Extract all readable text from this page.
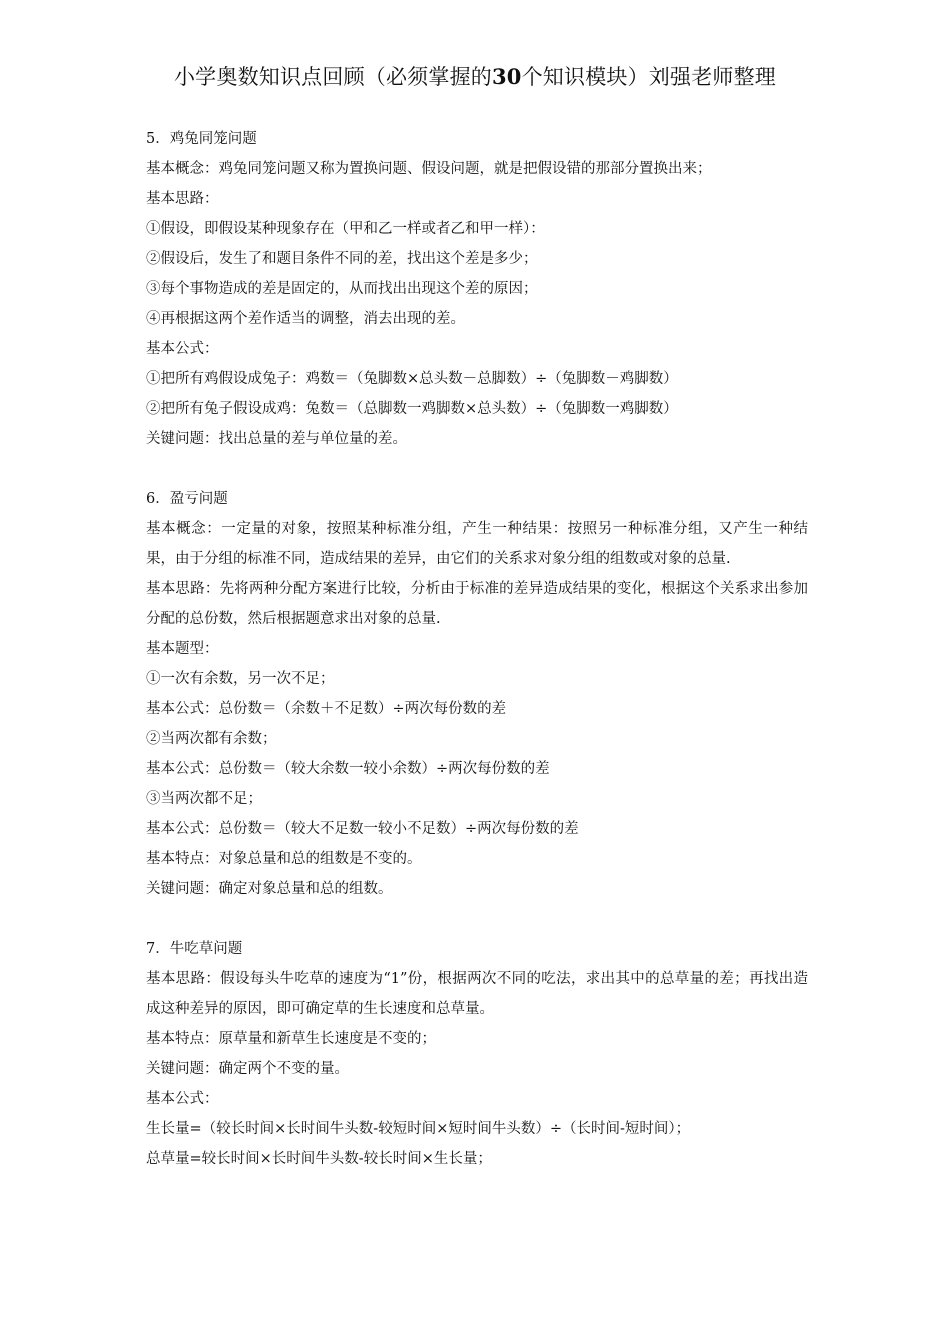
小学奥数知识点回顾（必须掌握的30个知识模块）刘强老师整理
5．鸡兔同笼问题
基本概念：鸡兔同笼问题又称为置换问题、假设问题，就是把假设错的那部分置换出来；
基本思路：
①假设，即假设某种现象存在（甲和乙一样或者乙和甲一样）：
②假设后，发生了和题目条件不同的差，找出这个差是多少；
③每个事物造成的差是固定的，从而找出出现这个差的原因；
④再根据这两个差作适当的调整，消去出现的差。
基本公式：
①把所有鸡假设成兔子：鸡数＝（兔脚数×总头数－总脚数）÷（兔脚数－鸡脚数）
②把所有兔子假设成鸡：兔数＝（总脚数一鸡脚数×总头数）÷（兔脚数一鸡脚数）
关键问题：找出总量的差与单位量的差。
6．盈亏问题
基本概念：一定量的对象，按照某种标准分组，产生一种结果：按照另一种标准分组，又产生一种结果，由于分组的标准不同，造成结果的差异，由它们的关系求对象分组的组数或对象的总量.
基本思路：先将两种分配方案进行比较，分析由于标准的差异造成结果的变化，根据这个关系求出参加分配的总份数，然后根据题意求出对象的总量.
基本题型：
①一次有余数，另一次不足；
基本公式：总份数＝（余数＋不足数）÷两次每份数的差
②当两次都有余数；
基本公式：总份数＝（较大余数一较小余数）÷两次每份数的差
③当两次都不足；
基本公式：总份数＝（较大不足数一较小不足数）÷两次每份数的差
基本特点：对象总量和总的组数是不变的。
关键问题：确定对象总量和总的组数。
7．牛吃草问题
基本思路：假设每头牛吃草的速度为“1”份，根据两次不同的吃法，求出其中的总草量的差；再找出造成这种差异的原因，即可确定草的生长速度和总草量。
基本特点：原草量和新草生长速度是不变的；
关键问题：确定两个不变的量。
基本公式：
生长量=（较长时间×长时间牛头数-较短时间×短时间牛头数）÷（长时间-短时间）；
总草量=较长时间×长时间牛头数-较长时间×生长量；
